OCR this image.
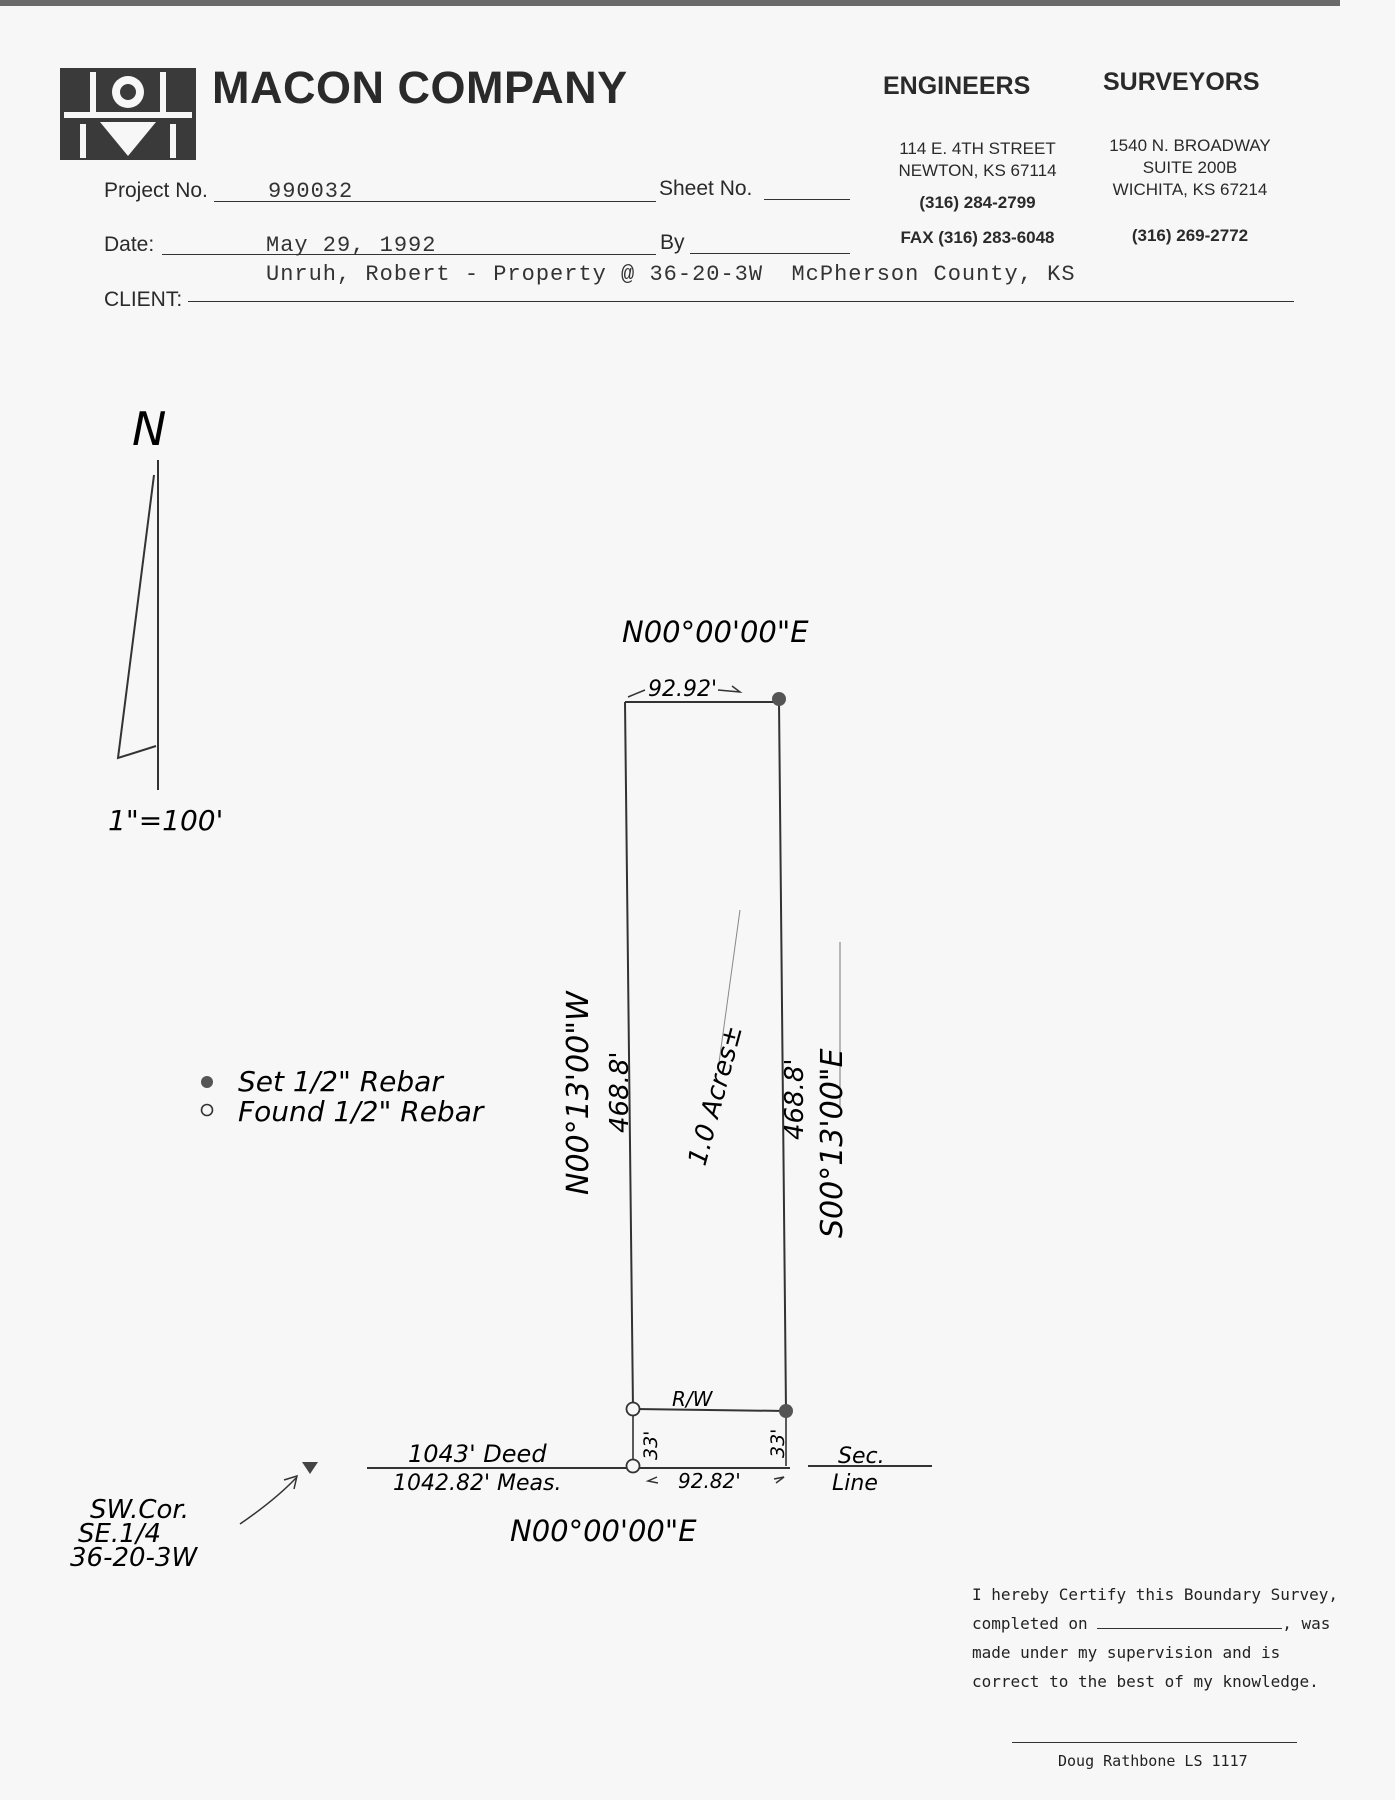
MACON COMPANY	ENGINEERS
114 E. 4TH STREET
NEWTON, KS 67114
(316) 284-2799
FAX (316) 283-6048
SURVEYORS
1540 N. BROADWAY
SUITE 200B
WICHITA, KS 67214
(316) 269-2772
Project No.	990032	Sheet No.
Date:	May 29, 1992	By
CLIENT:
Unruh, Robert - Property @ 36-20-3W  McPherson County, KS
N
1"=100'
N00°00'00"E
92.92'
N00°13'00"W 468.8' 1.0 Acres± 468.8' S00°13'00"E
R/W
33'	33'
1043' Deed
1042.82' Meas.	92.82'
Sec.
Line
N00°00'00"E
SW.Cor.
SE.1/4
36-20-3W
Set 1/2" Rebar
Found 1/2" Rebar
I hereby Certify this Boundary Survey,
completed on	, was
made under my supervision and is
correct to the best of my knowledge.
Doug Rathbone LS 1117
